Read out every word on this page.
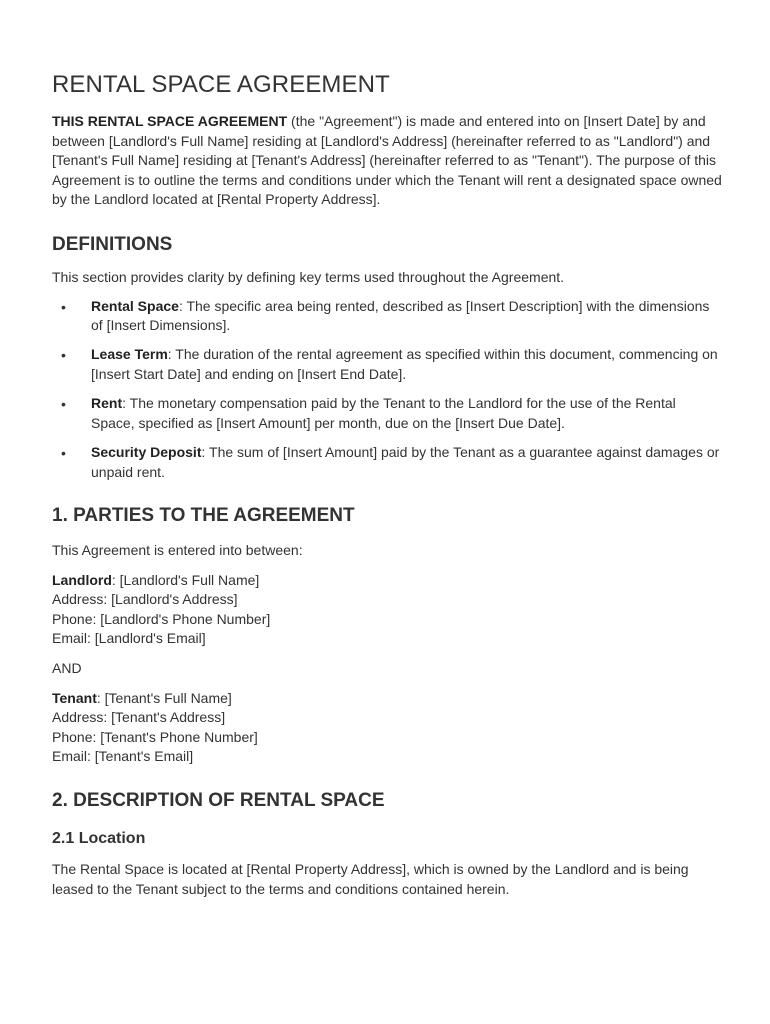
RENTAL SPACE AGREEMENT

THIS RENTAL SPACE AGREEMENT (the "Agreement") is made and entered into on [Insert Date] by and between [Landlord's Full Name] residing at [Landlord's Address] (hereinafter referred to as "Landlord") and [Tenant's Full Name] residing at [Tenant's Address] (hereinafter referred to as "Tenant"). The purpose of this Agreement is to outline the terms and conditions under which the Tenant will rent a designated space owned by the Landlord located at [Rental Property Address].

DEFINITIONS

This section provides clarity by defining key terms used throughout the Agreement.

• Rental Space: The specific area being rented, described as [Insert Description] with the dimensions of [Insert Dimensions].
• Lease Term: The duration of the rental agreement as specified within this document, commencing on [Insert Start Date] and ending on [Insert End Date].
• Rent: The monetary compensation paid by the Tenant to the Landlord for the use of the Rental Space, specified as [Insert Amount] per month, due on the [Insert Due Date].
• Security Deposit: The sum of [Insert Amount] paid by the Tenant as a guarantee against damages or unpaid rent.
1. PARTIES TO THE AGREEMENT

This Agreement is entered into between:

Landlord: [Landlord's Full Name]
Address: [Landlord's Address]
Phone: [Landlord's Phone Number]
Email: [Landlord's Email]

AND

Tenant: [Tenant's Full Name]
Address: [Tenant's Address]
Phone: [Tenant's Phone Number]
Email: [Tenant's Email]

2. DESCRIPTION OF RENTAL SPACE
2.1 Location

The Rental Space is located at [Rental Property Address], which is owned by the Landlord and is being leased to the Tenant subject to the terms and conditions contained herein.
